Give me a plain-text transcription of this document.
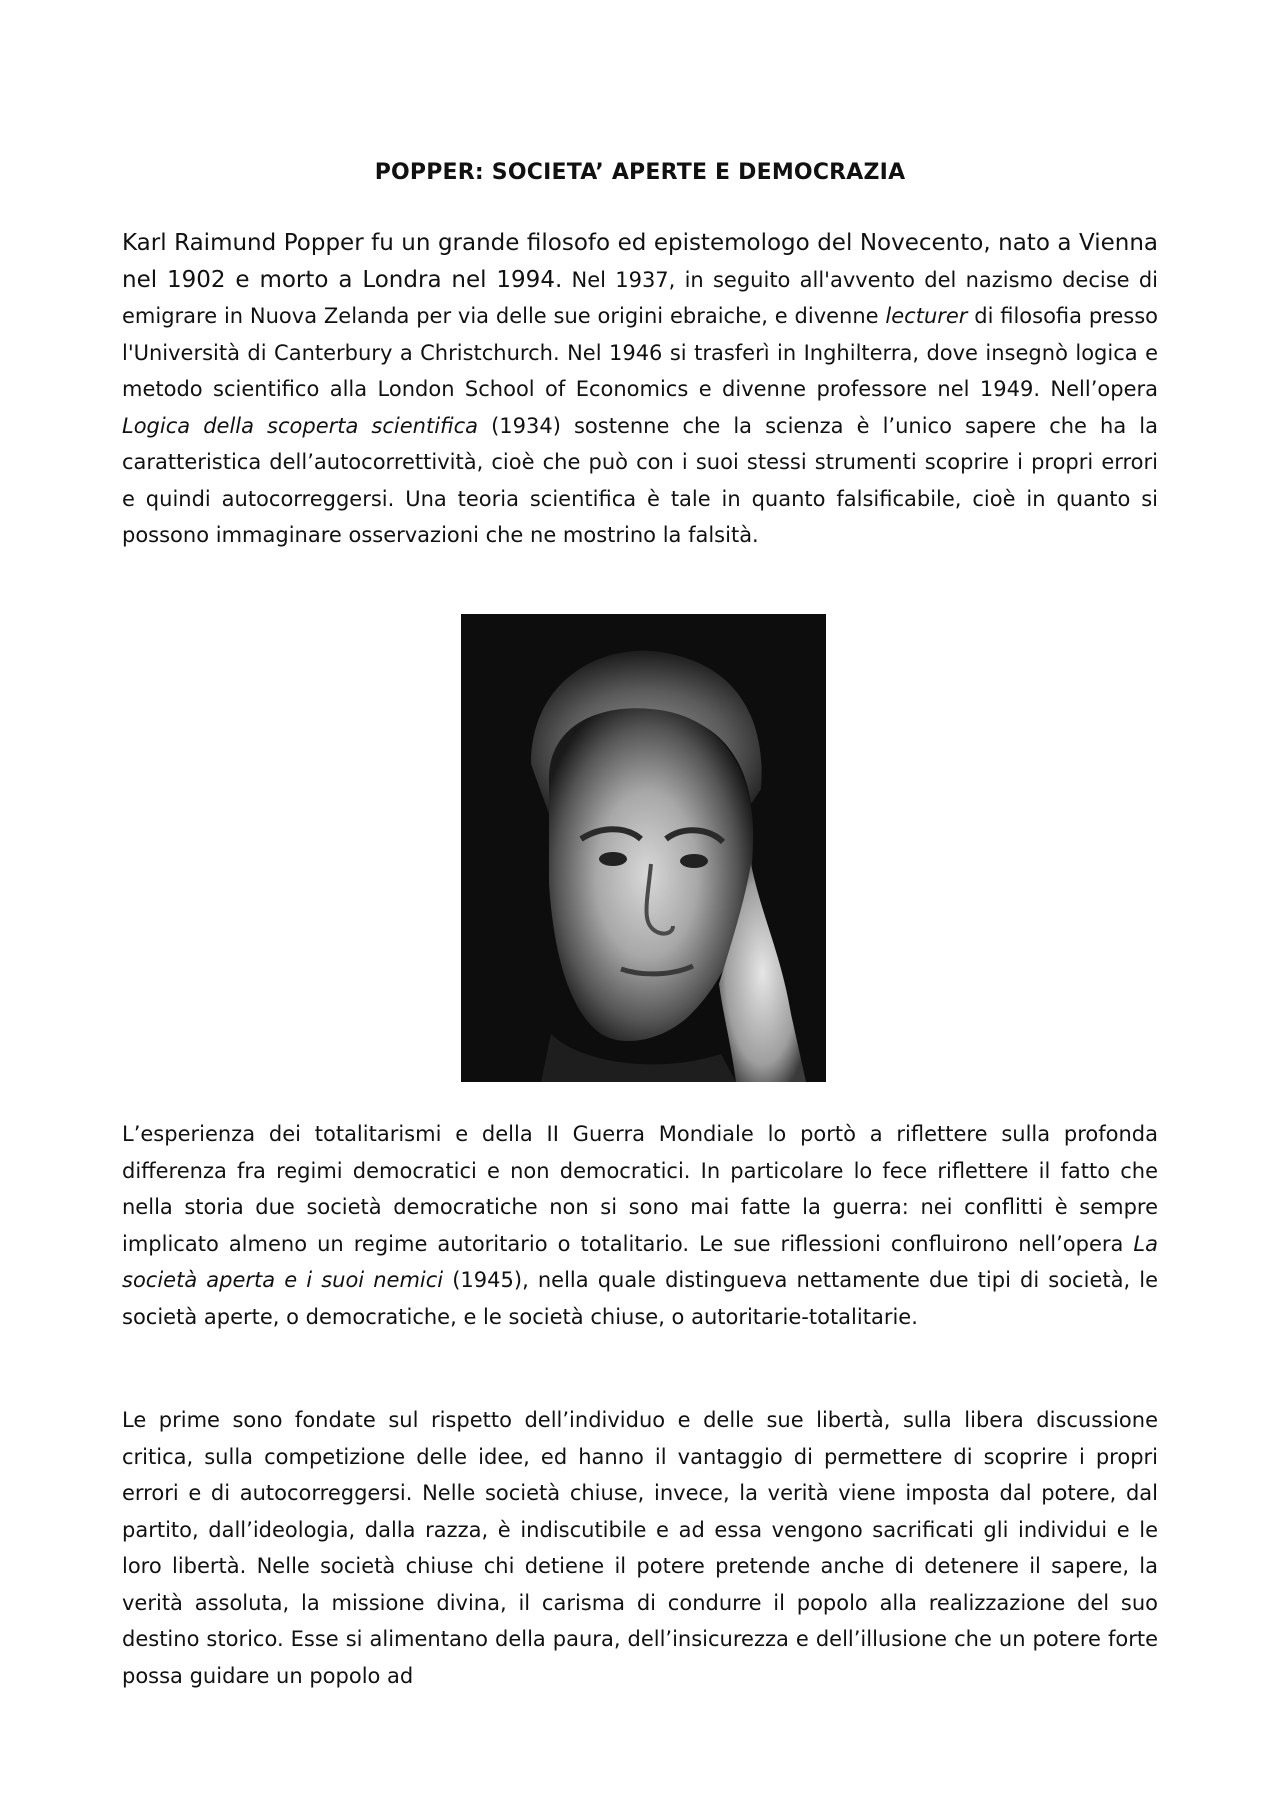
POPPER: SOCIETA’ APERTE E DEMOCRAZIA
Karl Raimund Popper fu un grande filosofo ed epistemologo del Novecento, nato a Vienna nel 1902 e morto a Londra nel 1994. Nel 1937, in seguito all'avvento del nazismo decise di emigrare in Nuova Zelanda per via delle sue origini ebraiche, e divenne lecturer di filosofia presso l'Università di Canterbury a Christchurch. Nel 1946 si trasferì in Inghilterra, dove insegnò logica e metodo scientifico alla London School of Economics e divenne professore nel 1949. Nell’opera Logica della scoperta scientifica (1934) sostenne che la scienza è l’unico sapere che ha la caratteristica dell’autocorrettività, cioè che può con i suoi stessi strumenti scoprire i propri errori e quindi autocorreggersi. Una teoria scientifica è tale in quanto falsificabile, cioè in quanto si possono immaginare osservazioni che ne mostrino la falsità.
L’esperienza dei totalitarismi e della II Guerra Mondiale lo portò a riflettere sulla profonda differenza fra regimi democratici e non democratici. In particolare lo fece riflettere il fatto che nella storia due società democratiche non si sono mai fatte la guerra: nei conflitti è sempre implicato almeno un regime autoritario o totalitario. Le sue riflessioni confluirono nell’opera La società aperta e i suoi nemici (1945), nella quale distingueva nettamente due tipi di società, le società aperte, o democratiche, e le società chiuse, o autoritarie-totalitarie.
Le prime sono fondate sul rispetto dell’individuo e delle sue libertà, sulla libera discussione critica, sulla competizione delle idee, ed hanno il vantaggio di permettere di scoprire i propri errori e di autocorreggersi. Nelle società chiuse, invece, la verità viene imposta dal potere, dal partito, dall’ideologia, dalla razza, è indiscutibile e ad essa vengono sacrificati gli individui e le loro libertà. Nelle società chiuse chi detiene il potere pretende anche di detenere il sapere, la verità assoluta, la missione divina, il carisma di condurre il popolo alla realizzazione del suo destino storico. Esse si alimentano della paura, dell’insicurezza e dell’illusione che un potere forte possa guidare un popolo ad
